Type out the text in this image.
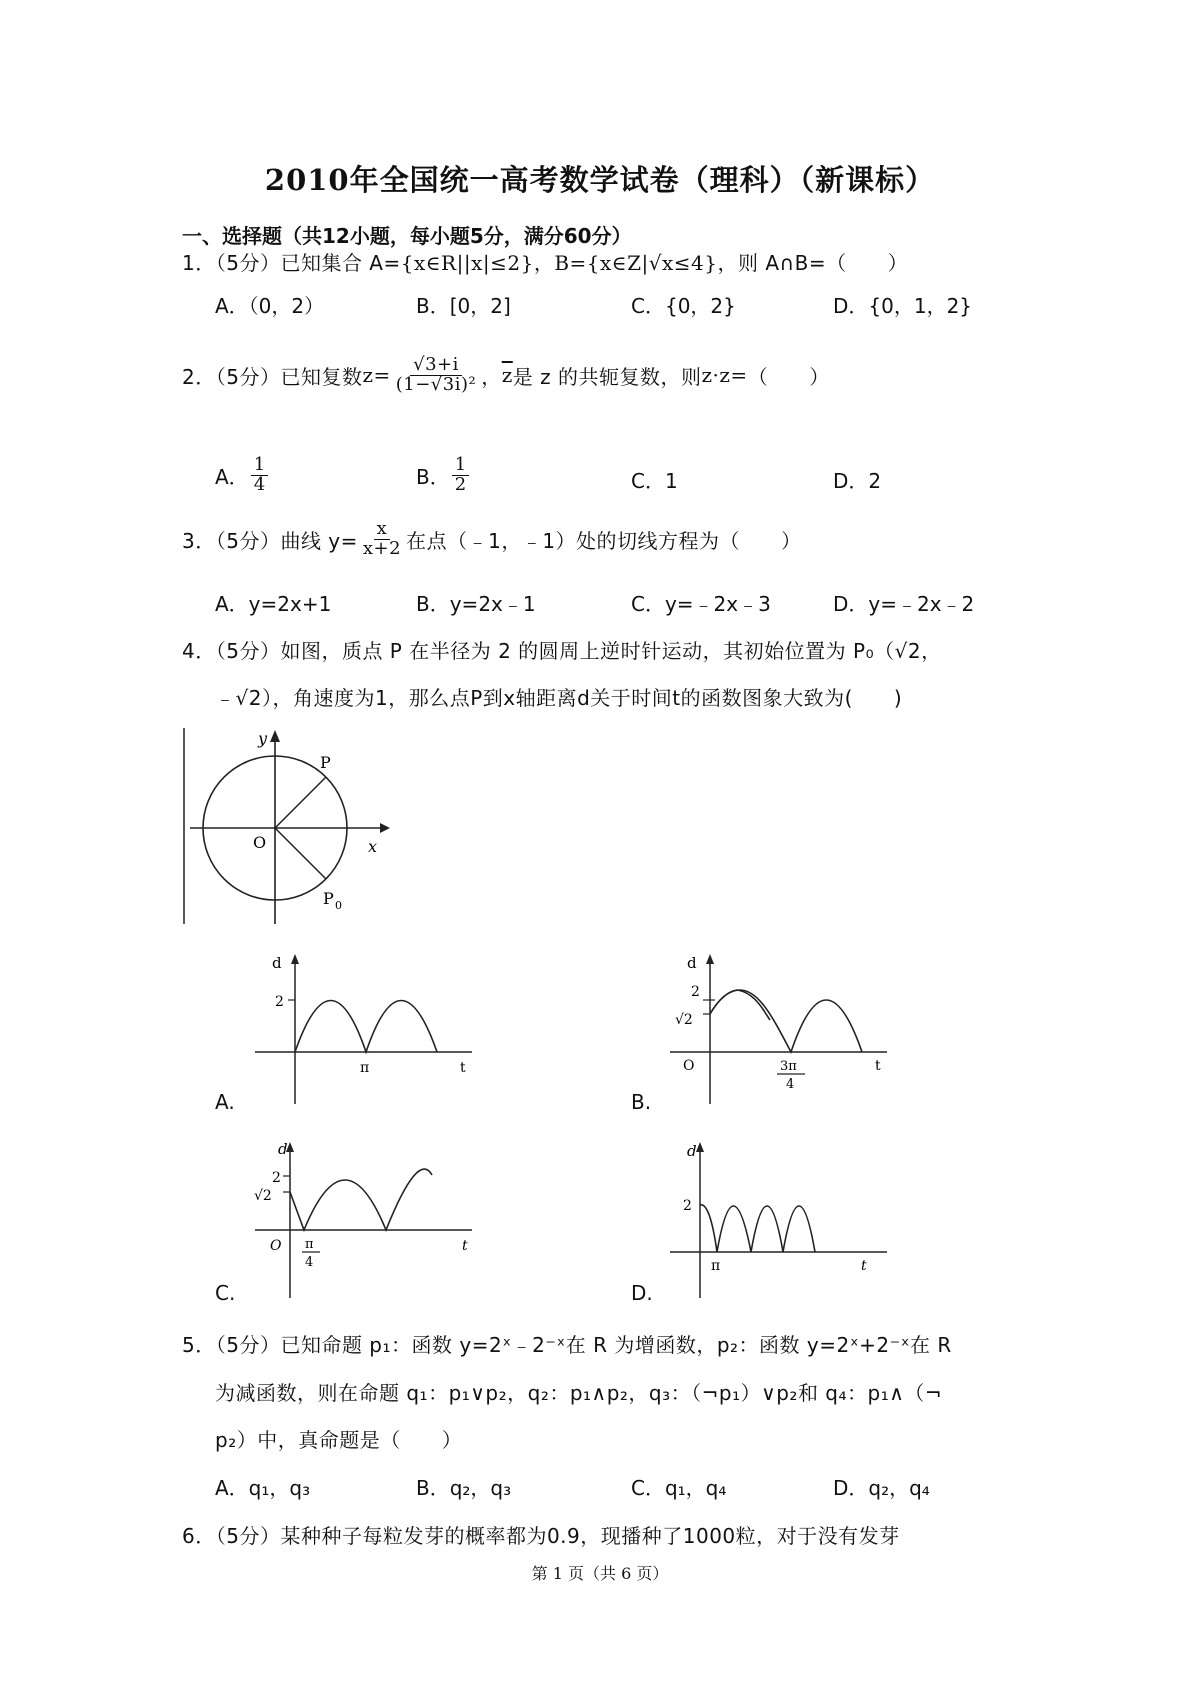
2010年全国统一高考数学试卷（理科）（新课标）
一、选择题（共12小题，每小题5分，满分60分）
1．（5分）已知集合 A={x∈R||x|≤2}，B={x∈Z|√x≤4}，则 A∩B=（　　）
A．（0，2）	B．[0，2]	C．{0，2}	D．{0，1，2}
2．（5分）已知复数 $z= \frac{√3+i}{\text{(1−√3i)²}}$ ， $\overline{z}$ 是 z 的共轭复数，则 z·z= （　　）
A． $\frac{1}{4}$	B． $\frac{1}{2}$	C．1	D．2
3．（5分）曲线 $y= \frac{x}{x+2}$ 在点（﹣1，﹣1）处的切线方程为（　　）
A．y=2x+1	B．y=2x﹣1	C．y=﹣2x﹣3	D．y=﹣2x﹣2
4．（5分）如图，质点 P 在半径为 2 的圆周上逆时针运动，其初始位置为 P₀（√2，
﹣√2），角速度为1，那么点P到x轴距离d关于时间t的函数图象大致为(　　)
y
x
O
P
P 0
d
2
π	t
A.
d
2
√2
O	3π
4
t
B.
d
2
√2
O π
4
t
C.
d
2
π	t
D.
5．（5分）已知命题 p₁：函数 y=2ˣ﹣2⁻ˣ在 R 为增函数，p₂：函数 y=2ˣ+2⁻ˣ在 R
为减函数，则在命题 q₁：p₁∨p₂，q₂：p₁∧p₂，q₃：（¬p₁）∨p₂和 q₄：p₁∧（¬
p₂）中，真命题是（　　）
A．q₁，q₃	B．q₂，q₃	C．q₁，q₄	D．q₂，q₄
6．（5分）某种种子每粒发芽的概率都为0.9，现播种了1000粒，对于没有发芽
第 1 页（共 6 页）
